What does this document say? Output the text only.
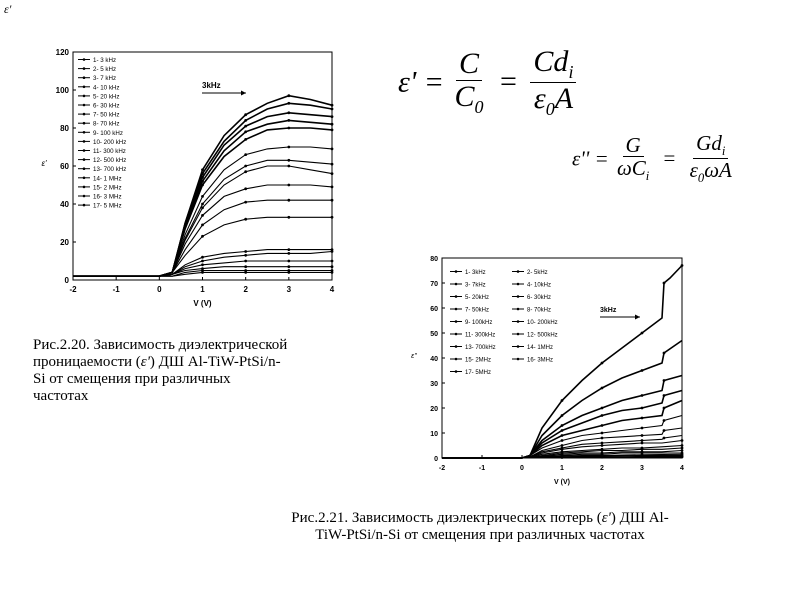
ε'
-2	-1	0	1	2	3	4
0
20
40
60
80
100
120
V (V)
ε'
3kHz
1- 3 kHz
2- 5 kHz
3- 7 kHz
4- 10 kHz
5- 20 kHz
6- 30 kHz
7- 50 kHz
8- 70 kHz
9- 100 kHz
10- 200 kHz
11- 300 kHz
12- 500 kHz
13- 700 kHz
14- 1 MHz
15- 2 MHz
16- 3 MHz
17- 5 MHz
-2	-1	0	1	2	3	4
0
10
20
30
40
50
60
70
80
V (V)
ε''
3kHz
1- 3kHz	2- 5kHz
3- 7kHz	4- 10kHz
5- 20kHz	6- 30kHz
7- 50kHz	8- 70kHz
9- 100kHz	10- 200kHz
11- 300kHz	12- 500kHz
13- 700kHz	14- 1MHz
15- 2MHz	16- 3MHz
17- 5MHz
$\varepsilon' = \frac{C}{C_0} = \frac{Cd_i}{\varepsilon_0A}$
$\varepsilon'' = \frac{G}{\omega C_i} = \frac{Gd_i}{\varepsilon_0\omega A}$
Рис.2.20. Зависимость диэлектрической
проницаемости (ε') ДШ Al-TiW-PtSi/n-
Si от смещения при различных
частотах
Рис.2.21. Зависимость диэлектрических потерь (ε') ДШ Al-
TiW-PtSi/n-Si от смещения при различных частотах
